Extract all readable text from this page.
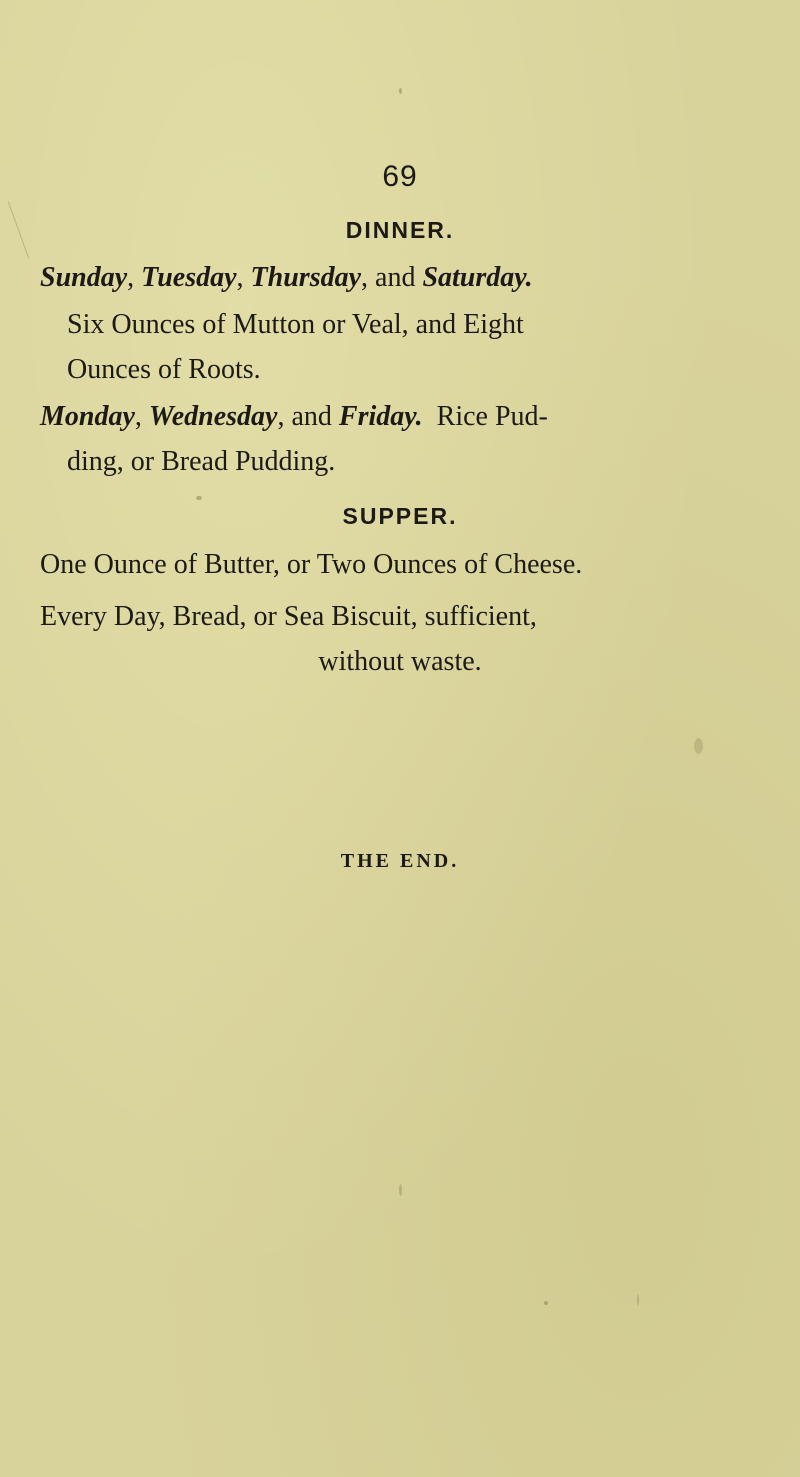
69
DINNER.
Sunday, Tuesday, Thursday, and Saturday.
Six Ounces of Mutton or Veal, and Eight
Ounces of Roots.
Monday, Wednesday, and Friday.  Rice Pud-
ding, or Bread Pudding.
SUPPER.
One Ounce of Butter, or Two Ounces of Cheese.
Every Day, Bread, or Sea Biscuit, sufficient,
without waste.
THE END.
